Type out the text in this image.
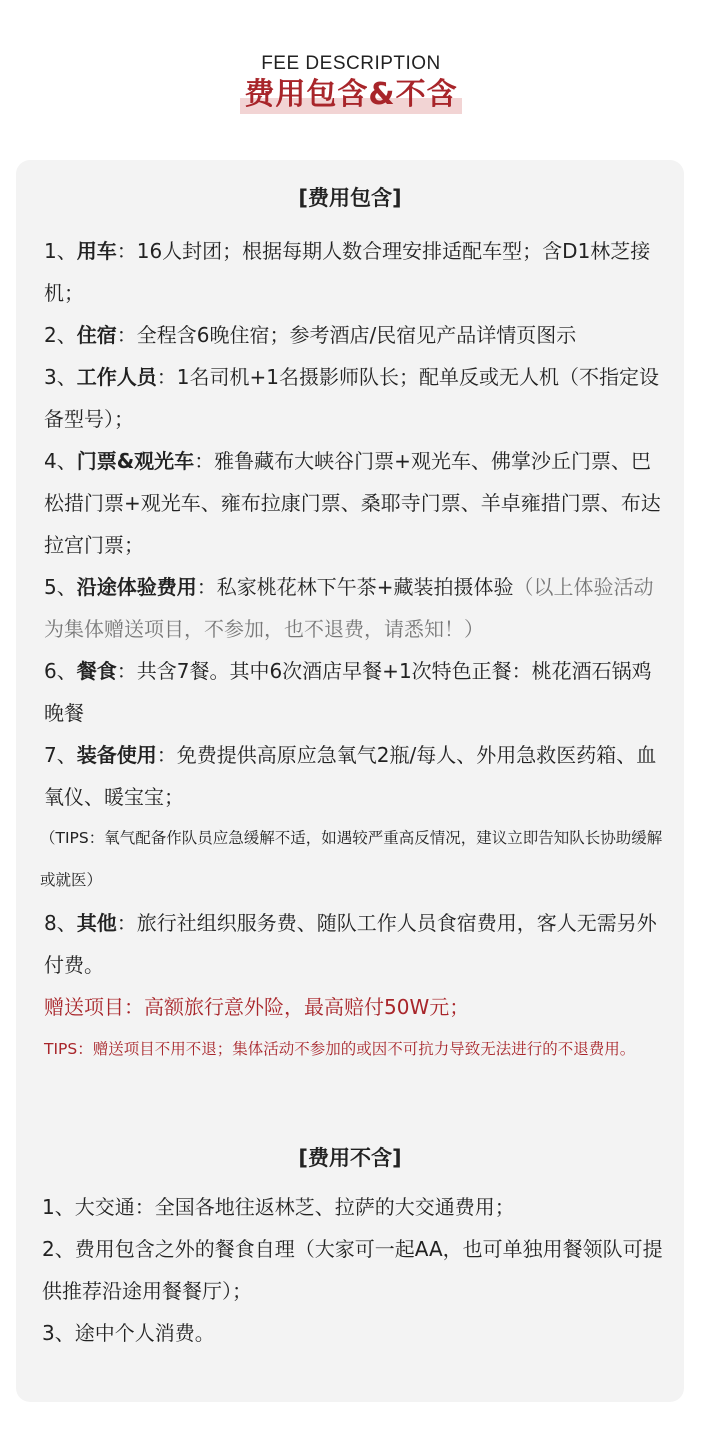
FEE DESCRIPTION
费用包含&不含
[费用包含]
1、用车：16人封团；根据每期人数合理安排适配车型；含D1林芝接机；
2、住宿：全程含6晚住宿；参考酒店/民宿见产品详情页图示
3、工作人员：1名司机+1名摄影师队长；配单反或无人机（不指定设备型号）；
4、门票&观光车：雅鲁藏布大峡谷门票+观光车、佛掌沙丘门票、巴松措门票+观光车、雍布拉康门票、桑耶寺门票、羊卓雍措门票、布达拉宫门票；
5、沿途体验费用：私家桃花林下午茶+藏装拍摄体验（以上体验活动为集体赠送项目，不参加，也不退费，请悉知！）
6、餐食：共含7餐。其中6次酒店早餐+1次特色正餐：桃花酒石锅鸡晚餐
7、装备使用：免费提供高原应急氧气2瓶/每人、外用急救医药箱、血氧仪、暖宝宝；
（TIPS：氧气配备作队员应急缓解不适，如遇较严重高反情况，建议立即告知队长协助缓解或就医）
8、其他：旅行社组织服务费、随队工作人员食宿费用，客人无需另外付费。
赠送项目：高额旅行意外险，最高赔付50W元；
TIPS：赠送项目不用不退；集体活动不参加的或因不可抗力导致无法进行的不退费用。
[费用不含]
1、大交通：全国各地往返林芝、拉萨的大交通费用；
2、费用包含之外的餐食自理（大家可一起AA，也可单独用餐领队可提供推荐沿途用餐餐厅）；
3、途中个人消费。
